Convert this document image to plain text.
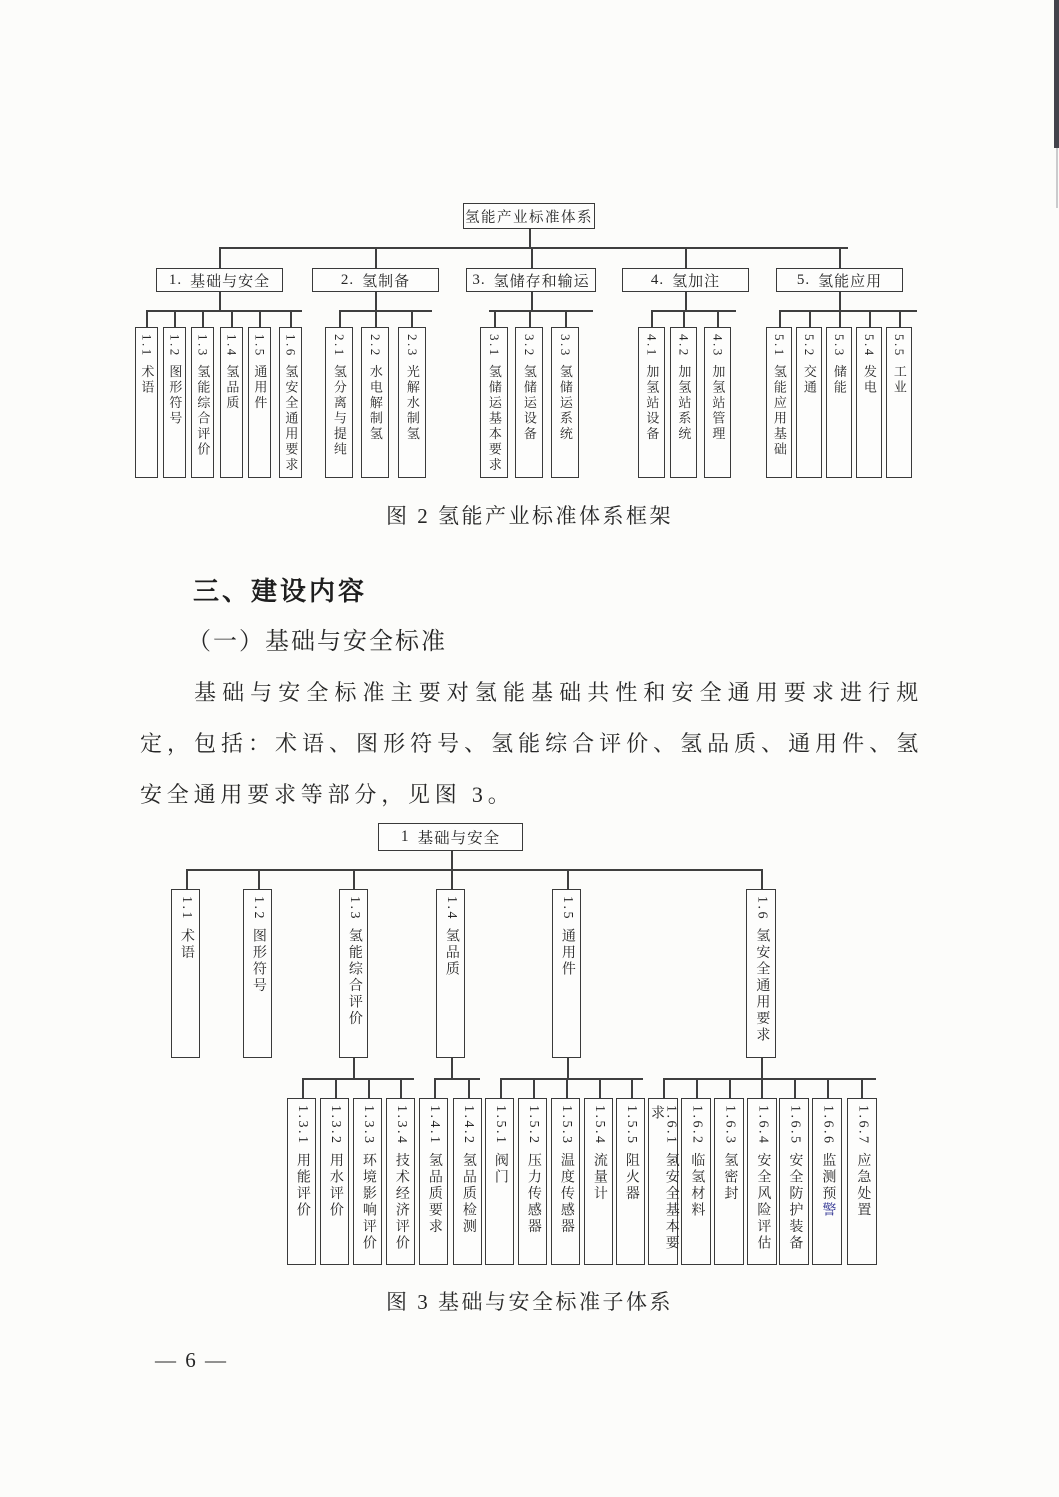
氢能产业标准体系
1. 基础与安全	2. 氢制备	3. 氢储存和输运	4. 氢加注	5. 氢能应用
1.1术语
1.2图形符号
1.3氢能综合评价
1.4氢品质
1.5通用件
1.6氢安全通用要求
2.1氢分离与提纯
2.2水电解制氢
2.3光解水制氢
3.1氢储运基本要求
3.2氢储运设备
3.3氢储运系统
4.1加氢站设备
4.2加氢站系统
4.3加氢站管理
5.1氢能应用基础
5.2交通
5.3储能
5.4发电
5.5工业
图 2 氢能产业标准体系框架
三、建设内容
（一）基础与安全标准
基础与安全标准主要对氢能基础共性和安全通用要求进行规定，包括：术语、图形符号、氢能综合评价、氢品质、通用件、氢安全通用要求等部分，见图 3。
1 基础与安全
1.1术语
1.2图形符号
1.3氢能综合评价
1.4氢品质
1.5通用件
1.6氢安全通用要求
1.3.1用能评价
1.3.2用水评价
1.3.3环境影响评价
1.3.4技术经济评价
1.4.1氢品质要求
1.4.2氢品质检测
1.5.1阀门
1.5.2压力传感器
1.5.3温度传感器
1.5.4流量计
1.5.5阻火器
1.6.1氢安全基本要求	1.6.2临氢材料
1.6.3氢密封
1.6.4安全风险评估
1.6.5安全防护装备
1.6.6监测预警
1.6.7应急处置
图 3 基础与安全标准子体系
— 6 —
